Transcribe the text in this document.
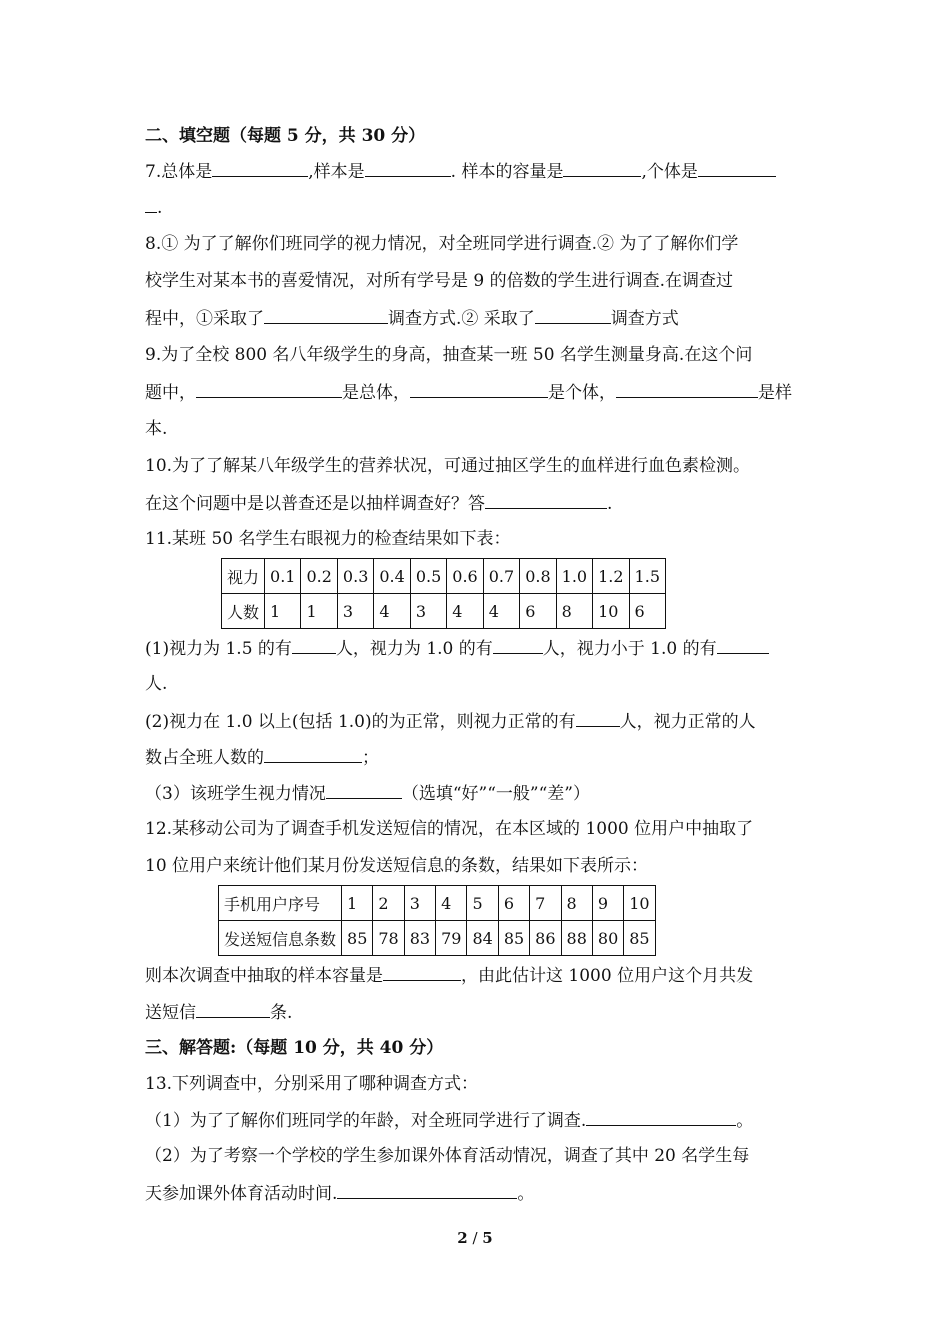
二、填空题（每题 5 分，共 30 分）
7.总体是	,样本是	. 样本的容量是	,个体是
.
8.① 为了了解你们班同学的视力情况，对全班同学进行调查.② 为了了解你们学
校学生对某本书的喜爱情况，对所有学号是 9 的倍数的学生进行调查.在调查过
程中，①采取了	调查方式.② 采取了	调查方式
9.为了全校 800 名八年级学生的身高，抽查某一班 50 名学生测量身高.在这个问
题中，	是总体，	是个体，	是样
本.
10.为了了解某八年级学生的营养状况，可通过抽区学生的血样进行血色素检测。
在这个问题中是以普查还是以抽样调查好？答	.
11.某班 50 名学生右眼视力的检查结果如下表：
视力	0.1	0.2	0.3	0.4	0.5	0.6	0.7	0.8	1.0	1.2	1.5
人数	1	1	3	4	3	4	4	6	8	10	6
(1)视力为 1.5 的有	人，视力为 1.0 的有	人，视力小于 1.0 的有
人.
(2)视力在 1.0 以上(包括 1.0)的为正常，则视力正常的有	人，视力正常的人
数占全班人数的	；
（3）该班学生视力情况	（选填“好”“一般”“差”）
12.某移动公司为了调查手机发送短信的情况，在本区域的 1000 位用户中抽取了
10 位用户来统计他们某月份发送短信息的条数，结果如下表所示：
手机用户序号	1	2	3	4	5	6	7	8	9	10
发送短信息条数	85	78	83	79	84	85	86	88	80	85
则本次调查中抽取的样本容量是	，由此估计这 1000 位用户这个月共发
送短信	条.
三、解答题:（每题 10 分，共 40 分）
13.下列调查中，分别采用了哪种调查方式：
（1）为了了解你们班同学的年龄，对全班同学进行了调查.	。
（2）为了考察一个学校的学生参加课外体育活动情况，调查了其中 20 名学生每
天参加课外体育活动时间.	。
2 / 5
